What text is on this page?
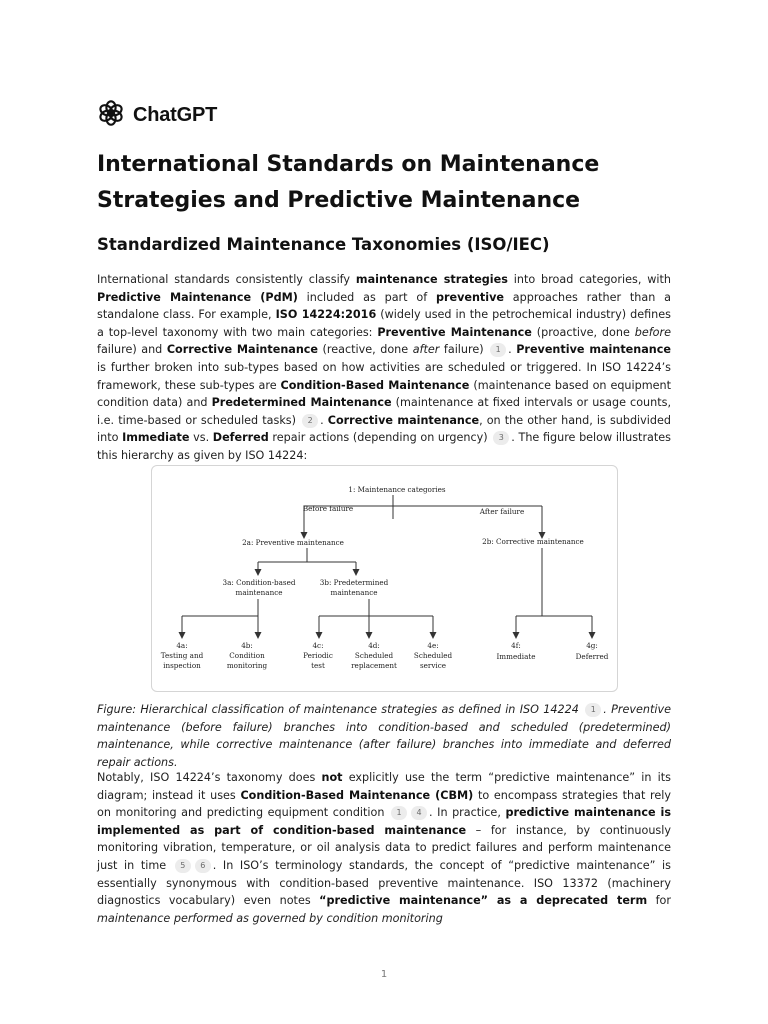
ChatGPT
International Standards on Maintenance Strategies and Predictive Maintenance
Standardized Maintenance Taxonomies (ISO/IEC)

International standards consistently classify maintenance strategies into broad categories, with Predictive Maintenance (PdM) included as part of preventive approaches rather than a standalone class. For example, ISO 14224:2016 (widely used in the petrochemical industry) defines a top-level taxonomy with two main categories: Preventive Maintenance (proactive, done before failure) and Corrective Maintenance (reactive, done after failure) 1 . Preventive maintenance is further broken into sub-types based on how activities are scheduled or triggered. In ISO 14224’s framework, these sub-types are Condition-Based Maintenance (maintenance based on equipment condition data) and Predetermined Maintenance (maintenance at fixed intervals or usage counts, i.e. time-based or scheduled tasks) 2 . Corrective maintenance, on the other hand, is subdivided into Immediate vs. Deferred repair actions (depending on urgency) 3 . The figure below illustrates this hierarchy as given by ISO 14224:

1: Maintenance categories
Before failure	After failure
2a: Preventive maintenance	2b: Corrective maintenance
3a: Condition-based
maintenance
3b: Predetermined
maintenance
4a:
Testing and
inspection
4b:
Condition
monitoring
4c:
Periodic
test
4d:
Scheduled
replacement
4e:
Scheduled
service
4f:
Immediate
4g:
Deferred

Figure: Hierarchical classification of maintenance strategies as defined in ISO 14224 1 . Preventive maintenance (before failure) branches into condition-based and scheduled (predetermined) maintenance, while corrective maintenance (after failure) branches into immediate and deferred repair actions.

Notably, ISO 14224’s taxonomy does not explicitly use the term “predictive maintenance” in its diagram; instead it uses Condition-Based Maintenance (CBM) to encompass strategies that rely on monitoring and predicting equipment condition 1 4 . In practice, predictive maintenance is implemented as part of condition-based maintenance – for instance, by continuously monitoring vibration, temperature, or oil analysis data to predict failures and perform maintenance just in time 5 6 . In ISO’s terminology standards, the concept of “predictive maintenance” is essentially synonymous with condition-based preventive maintenance. ISO 13372 (machinery diagnostics vocabulary) even notes “predictive maintenance” as a deprecated term for maintenance performed as governed by condition monitoring

1
